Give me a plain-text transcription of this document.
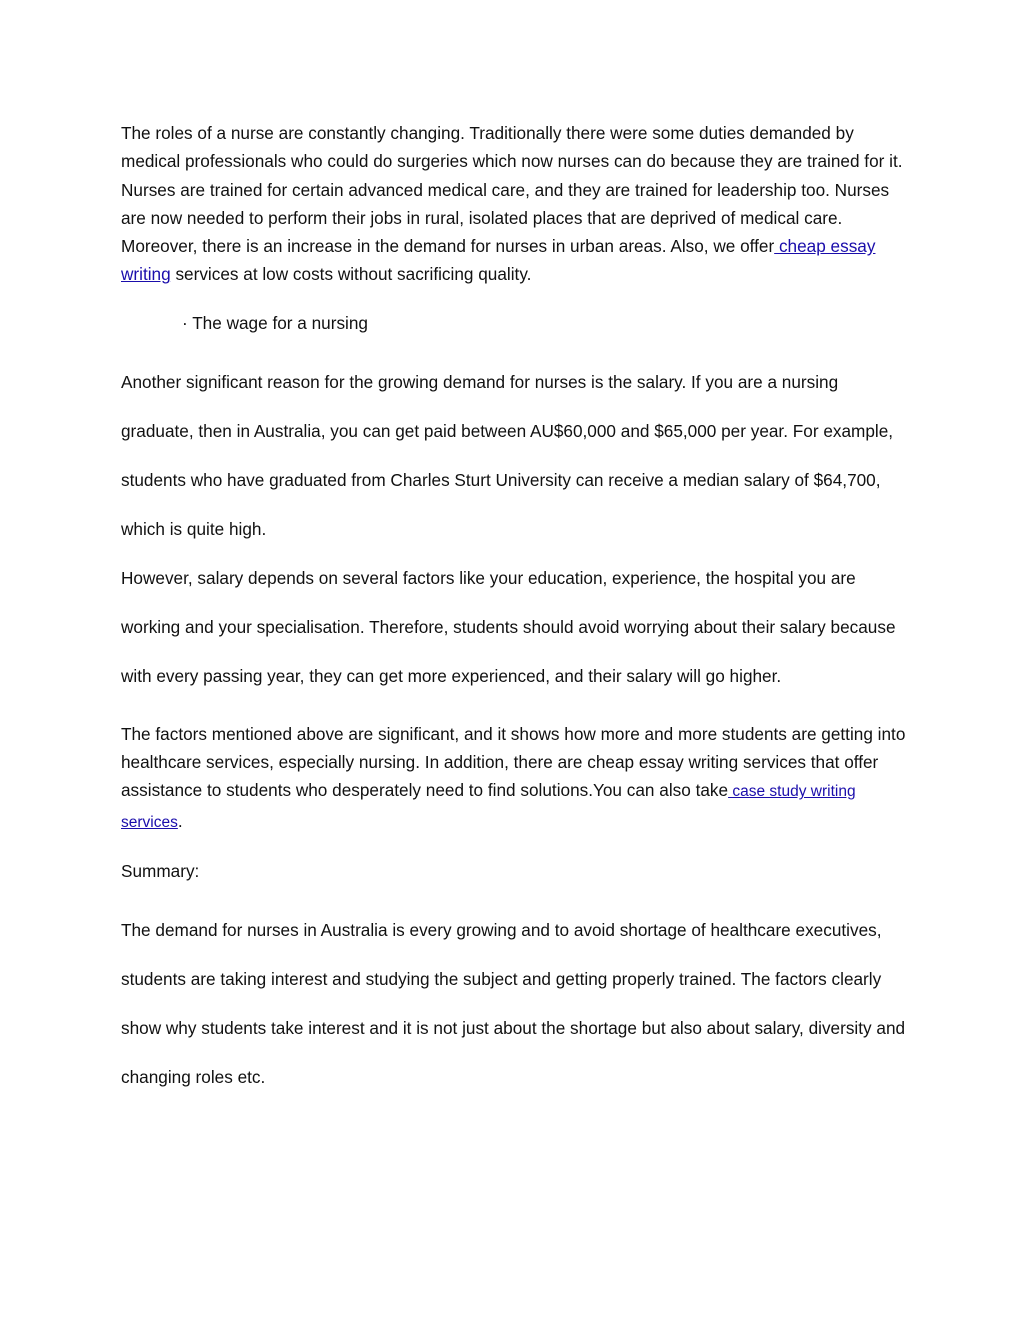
The roles of a nurse are constantly changing. Traditionally there were some duties demanded by medical professionals who could do surgeries which now nurses can do because they are trained for it. Nurses are trained for certain advanced medical care, and they are trained for leadership too. Nurses are now needed to perform their jobs in rural, isolated places that are deprived of medical care. Moreover, there is an increase in the demand for nurses in urban areas. Also, we offer cheap essay writing services at low costs without sacrificing quality.

· The wage for a nursing

Another significant reason for the growing demand for nurses is the salary. If you are a nursing graduate, then in Australia, you can get paid between AU$60,000 and $65,000 per year. For example, students who have graduated from Charles Sturt University can receive a median salary of $64,700, which is quite high.

However, salary depends on several factors like your education, experience, the hospital you are working and your specialisation. Therefore, students should avoid worrying about their salary because with every passing year, they can get more experienced, and their salary will go higher.

The factors mentioned above are significant, and it shows how more and more students are getting into healthcare services, especially nursing. In addition, there are cheap essay writing services that offer assistance to students who desperately need to find solutions.You can also take case study writing services.

Summary:

The demand for nurses in Australia is every growing and to avoid shortage of healthcare executives, students are taking interest and studying the subject and getting properly trained. The factors clearly show why students take interest and it is not just about the shortage but also about salary, diversity and changing roles etc.
